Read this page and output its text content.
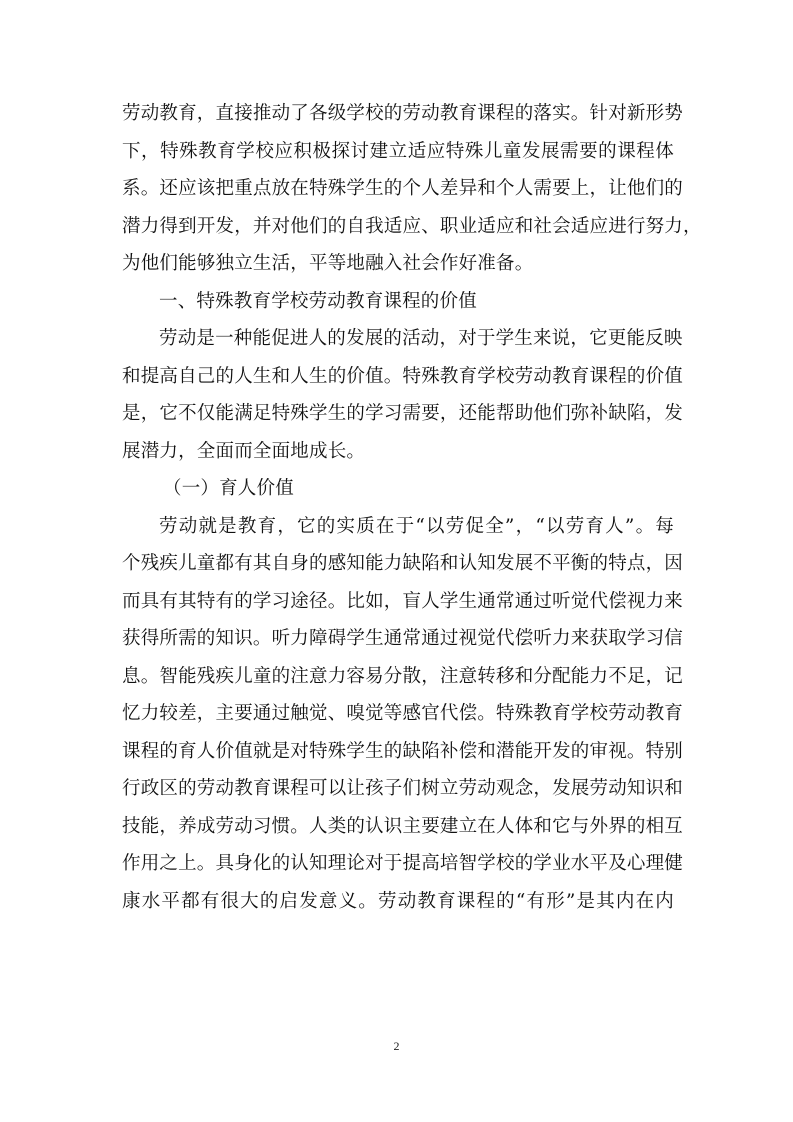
劳动教育，直接推动了各级学校的劳动教育课程的落实。针对新形势
下，特殊教育学校应积极探讨建立适应特殊儿童发展需要的课程体
系。还应该把重点放在特殊学生的个人差异和个人需要上，让他们的
潜力得到开发，并对他们的自我适应、职业适应和社会适应进行努力，
为他们能够独立生活，平等地融入社会作好准备。
一、特殊教育学校劳动教育课程的价值
劳动是一种能促进人的发展的活动，对于学生来说，它更能反映
和提高自己的人生和人生的价值。特殊教育学校劳动教育课程的价值
是，它不仅能满足特殊学生的学习需要，还能帮助他们弥补缺陷，发
展潜力，全面而全面地成长。
（一）育人价值
劳动就是教育，它的实质在于“以劳促全”，“以劳育人”。每
个残疾儿童都有其自身的感知能力缺陷和认知发展不平衡的特点，因
而具有其特有的学习途径。比如，盲人学生通常通过听觉代偿视力来
获得所需的知识。听力障碍学生通常通过视觉代偿听力来获取学习信
息。智能残疾儿童的注意力容易分散，注意转移和分配能力不足，记
忆力较差，主要通过触觉、嗅觉等感官代偿。特殊教育学校劳动教育
课程的育人价值就是对特殊学生的缺陷补偿和潜能开发的审视。特别
行政区的劳动教育课程可以让孩子们树立劳动观念，发展劳动知识和
技能，养成劳动习惯。人类的认识主要建立在人体和它与外界的相互
作用之上。具身化的认知理论对于提高培智学校的学业水平及心理健
康水平都有很大的启发意义。劳动教育课程的“有形”是其内在内
2
